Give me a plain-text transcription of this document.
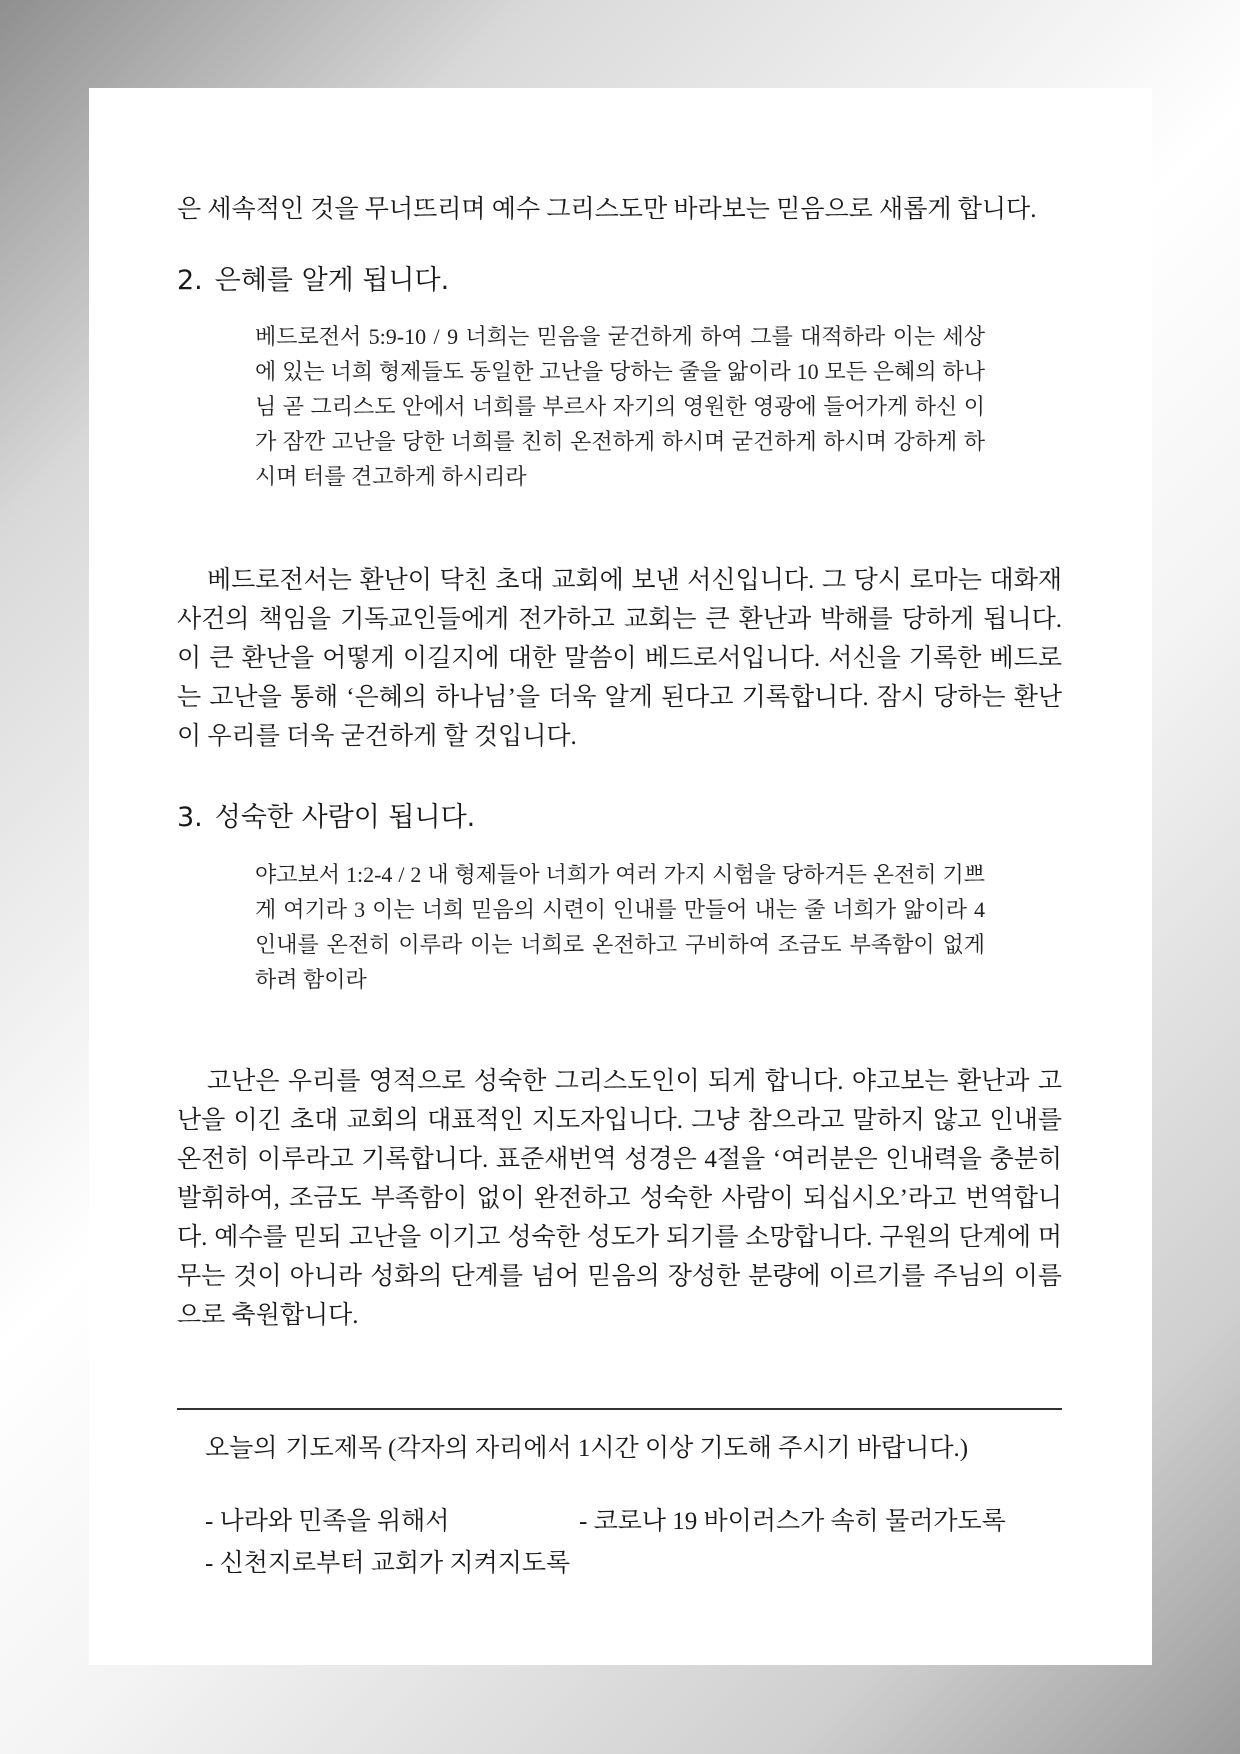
은 세속적인 것을 무너뜨리며 예수 그리스도만 바라보는 믿음으로 새롭게 합니다.

2. 은혜를 알게 됩니다.
베드로전서 5:9-10 / 9 너희는 믿음을 굳건하게 하여 그를 대적하라 이는 세상에 있는 너희 형제들도 동일한 고난을 당하는 줄을 앎이라 10 모든 은혜의 하나님 곧 그리스도 안에서 너희를 부르사 자기의 영원한 영광에 들어가게 하신 이가 잠깐 고난을 당한 너희를 친히 온전하게 하시며 굳건하게 하시며 강하게 하시며 터를 견고하게 하시리라

베드로전서는 환난이 닥친 초대 교회에 보낸 서신입니다. 그 당시 로마는 대화재 사건의 책임을 기독교인들에게 전가하고 교회는 큰 환난과 박해를 당하게 됩니다. 이 큰 환난을 어떻게 이길지에 대한 말씀이 베드로서입니다. 서신을 기록한 베드로는 고난을 통해 ‘은혜의 하나님’을 더욱 알게 된다고 기록합니다. 잠시 당하는 환난이 우리를 더욱 굳건하게 할 것입니다.

3. 성숙한 사람이 됩니다.
야고보서 1:2-4 / 2 내 형제들아 너희가 여러 가지 시험을 당하거든 온전히 기쁘게 여기라 3 이는 너희 믿음의 시련이 인내를 만들어 내는 줄 너희가 앎이라 4 인내를 온전히 이루라 이는 너희로 온전하고 구비하여 조금도 부족함이 없게 하려 함이라

고난은 우리를 영적으로 성숙한 그리스도인이 되게 합니다. 야고보는 환난과 고난을 이긴 초대 교회의 대표적인 지도자입니다. 그냥 참으라고 말하지 않고 인내를 온전히 이루라고 기록합니다. 표준새번역 성경은 4절을 ‘여러분은 인내력을 충분히 발휘하여, 조금도 부족함이 없이 완전하고 성숙한 사람이 되십시오’라고 번역합니다. 예수를 믿되 고난을 이기고 성숙한 성도가 되기를 소망합니다. 구원의 단계에 머무는 것이 아니라 성화의 단계를 넘어 믿음의 장성한 분량에 이르기를 주님의 이름으로 축원합니다.

오늘의 기도제목 (각자의 자리에서 1시간 이상 기도해 주시기 바랍니다.)
- 나라와 민족을 위해서	- 코로나 19 바이러스가 속히 물러가도록
- 신천지로부터 교회가 지켜지도록
